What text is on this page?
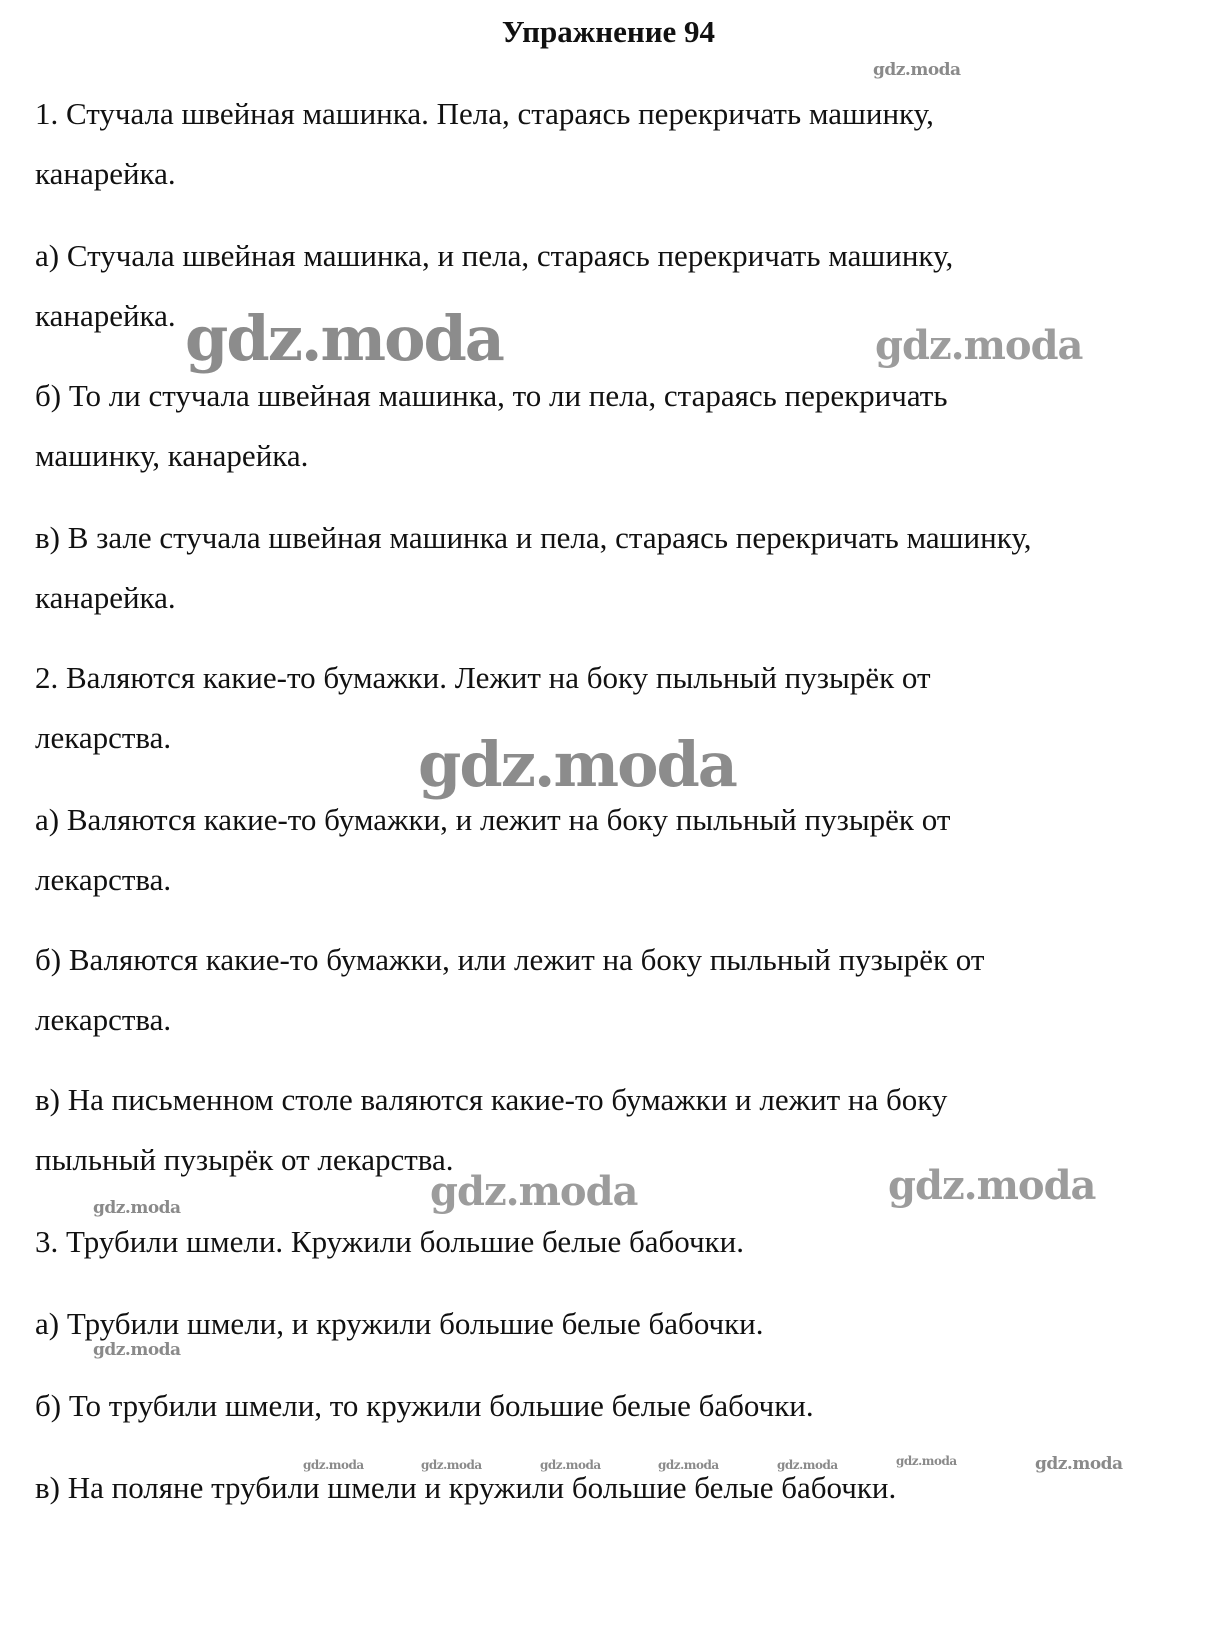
Упражнение 94
1. Стучала швейная машинка. Пела, стараясь перекричать машинку,
канарейка.
а) Стучала швейная машинка, и пела, стараясь перекричать машинку,
канарейка.
б) То ли стучала швейная машинка, то ли пела, стараясь перекричать
машинку, канарейка.
в) В зале стучала швейная машинка и пела, стараясь перекричать машинку,
канарейка.
2. Валяются какие-то бумажки. Лежит на боку пыльный пузырёк от
лекарства.
а) Валяются какие-то бумажки, и лежит на боку пыльный пузырёк от
лекарства.
б) Валяются какие-то бумажки, или лежит на боку пыльный пузырёк от
лекарства.
в) На письменном столе валяются какие-то бумажки и лежит на боку
пыльный пузырёк от лекарства.
3. Трубили шмели. Кружили большие белые бабочки.
а) Трубили шмели, и кружили большие белые бабочки.
б) То трубили шмели, то кружили большие белые бабочки.
в) На поляне трубили шмели и кружили большие белые бабочки.
gdz.moda
gdz.moda	gdz.moda
gdz.moda
gdz.moda	gdz.moda
gdz.moda
gdz.moda
gdz.moda	gdz.moda	gdz.moda	gdz.moda	gdz.moda	gdz.moda	gdz.moda
